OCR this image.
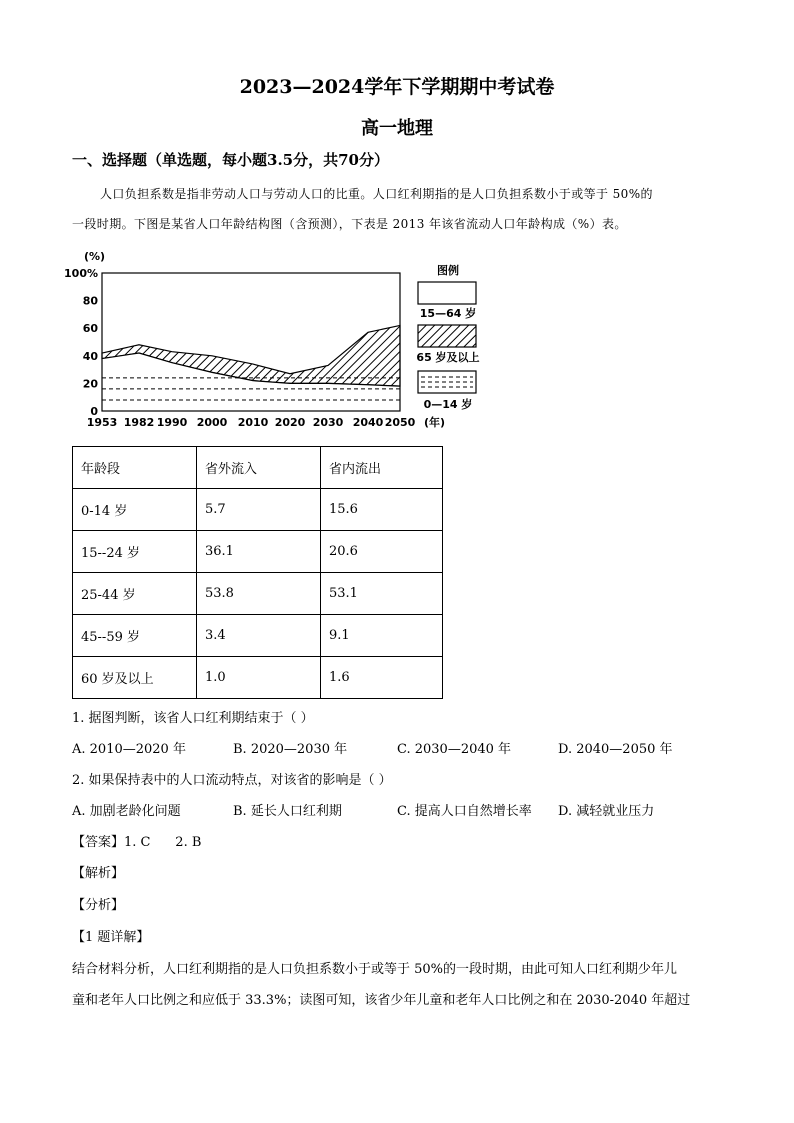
2023—2024学年下学期期中考试卷
高一地理
一、选择题（单选题，每小题3.5分，共70分）
人口负担系数是指非劳动人口与劳动人口的比重。人口红利期指的是人口负担系数小于或等于 50%的
一段时期。下图是某省人口年龄结构图（含预测），下表是 2013 年该省流动人口年龄构成（%）表。
0
20
40
60
80
100%
(%)
1953 1982 1990 2000 2010 2020 2030 2040 2050 (年)
图例
15—64 岁
65 岁及以上
0—14 岁
年龄段	省外流入	省内流出
0-14 岁	5.7	15.6
15--24 岁	36.1	20.6
25-44 岁	53.8	53.1
45--59 岁	3.4	9.1
60 岁及以上	1.0	1.6
1. 据图判断，该省人口红利期结束于（ ）
A. 2010—2020 年	B. 2020—2030 年	C. 2030—2040 年	D. 2040—2050 年
2. 如果保持表中的人口流动特点，对该省的影响是（ ）
A. 加剧老龄化问题	B. 延长人口红利期	C. 提高人口自然增长率 D. 减轻就业压力
【答案】1. C      2. B
【解析】
【分析】
【1 题详解】
结合材料分析，人口红利期指的是人口负担系数小于或等于 50%的一段时期，由此可知人口红利期少年儿
童和老年人口比例之和应低于 33.3%；读图可知，该省少年儿童和老年人口比例之和在 2030-2040 年超过
